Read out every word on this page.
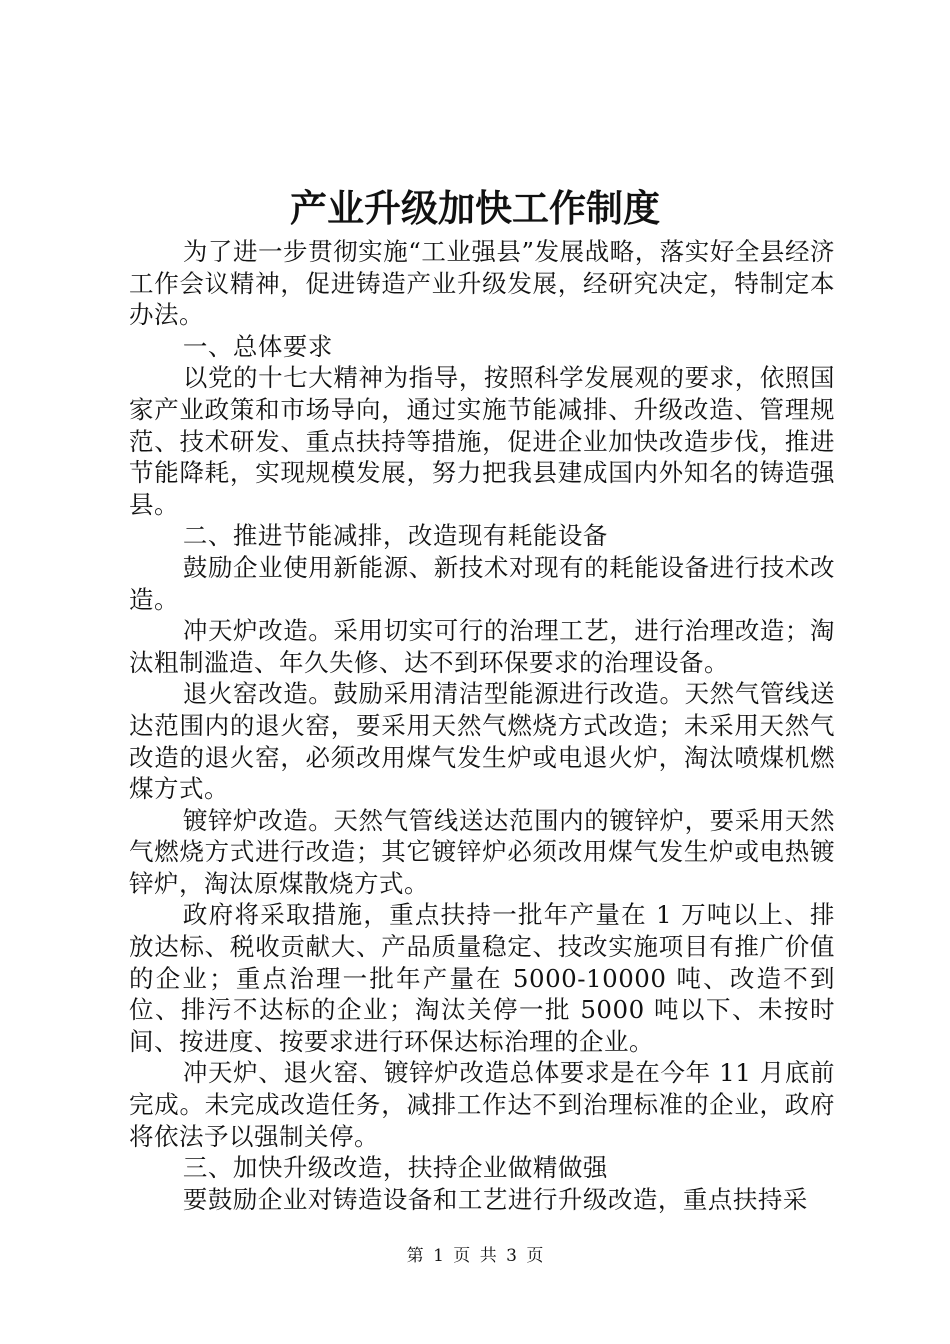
产业升级加快工作制度

为了进一步贯彻实施“工业强县”发展战略，落实好全县经济工作会议精神，促进铸造产业升级发展，经研究决定，特制定本办法。

一、总体要求

以党的十七大精神为指导，按照科学发展观的要求，依照国家产业政策和市场导向，通过实施节能减排、升级改造、管理规范、技术研发、重点扶持等措施，促进企业加快改造步伐，推进节能降耗，实现规模发展，努力把我县建成国内外知名的铸造强县。

二、推进节能减排，改造现有耗能设备

鼓励企业使用新能源、新技术对现有的耗能设备进行技术改造。

冲天炉改造。采用切实可行的治理工艺，进行治理改造；淘汰粗制滥造、年久失修、达不到环保要求的治理设备。

退火窑改造。鼓励采用清洁型能源进行改造。天然气管线送达范围内的退火窑，要采用天然气燃烧方式改造；未采用天然气改造的退火窑，必须改用煤气发生炉或电退火炉，淘汰喷煤机燃煤方式。

镀锌炉改造。天然气管线送达范围内的镀锌炉，要采用天然气燃烧方式进行改造；其它镀锌炉必须改用煤气发生炉或电热镀锌炉，淘汰原煤散烧方式。

政府将采取措施，重点扶持一批年产量在 1 万吨以上、排放达标、税收贡献大、产品质量稳定、技改实施项目有推广价值的企业；重点治理一批年产量在 5000-10000 吨、改造不到位、排污不达标的企业；淘汰关停一批 5000 吨以下、未按时间、按进度、按要求进行环保达标治理的企业。

冲天炉、退火窑、镀锌炉改造总体要求是在今年 11 月底前完成。未完成改造任务，减排工作达不到治理标准的企业，政府将依法予以强制关停。

三、加快升级改造，扶持企业做精做强

要鼓励企业对铸造设备和工艺进行升级改造，重点扶持采

第 1 页 共 3 页
